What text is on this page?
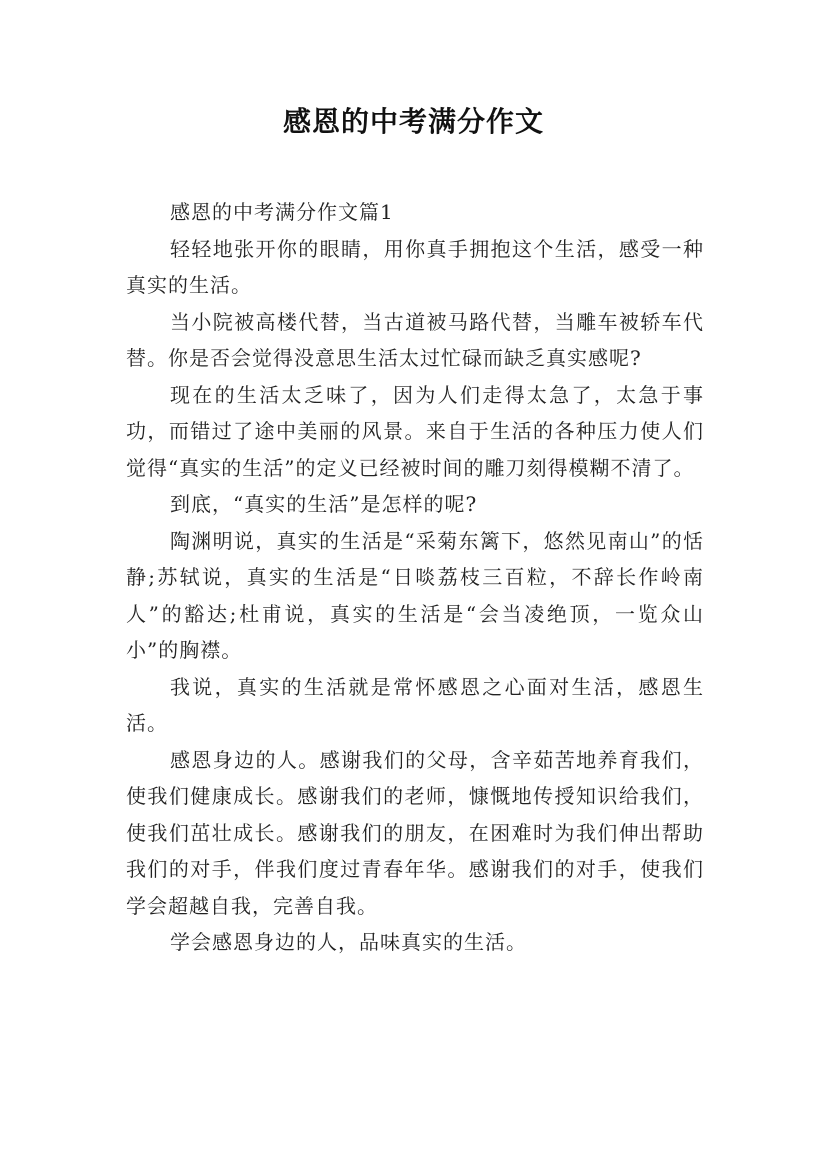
感恩的中考满分作文

感恩的中考满分作文篇1

轻轻地张开你的眼睛，用你真手拥抱这个生活，感受一种真实的生活。

当小院被高楼代替，当古道被马路代替，当雕车被轿车代替。你是否会觉得没意思生活太过忙碌而缺乏真实感呢?

现在的生活太乏味了，因为人们走得太急了，太急于事功，而错过了途中美丽的风景。来自于生活的各种压力使人们觉得“真实的生活”的定义已经被时间的雕刀刻得模糊不清了。

到底，“真实的生活”是怎样的呢?

陶渊明说，真实的生活是“采菊东篱下，悠然见南山”的恬静;苏轼说，真实的生活是“日啖荔枝三百粒，不辞长作岭南人”的豁达;杜甫说，真实的生活是“会当凌绝顶，一览众山小”的胸襟。

我说，真实的生活就是常怀感恩之心面对生活，感恩生活。

感恩身边的人。感谢我们的父母，含辛茹苦地养育我们，使我们健康成长。感谢我们的老师，慷慨地传授知识给我们，使我们茁壮成长。感谢我们的朋友，在困难时为我们伸出帮助我们的对手，伴我们度过青春年华。感谢我们的对手，使我们学会超越自我，完善自我。

学会感恩身边的人，品味真实的生活。
